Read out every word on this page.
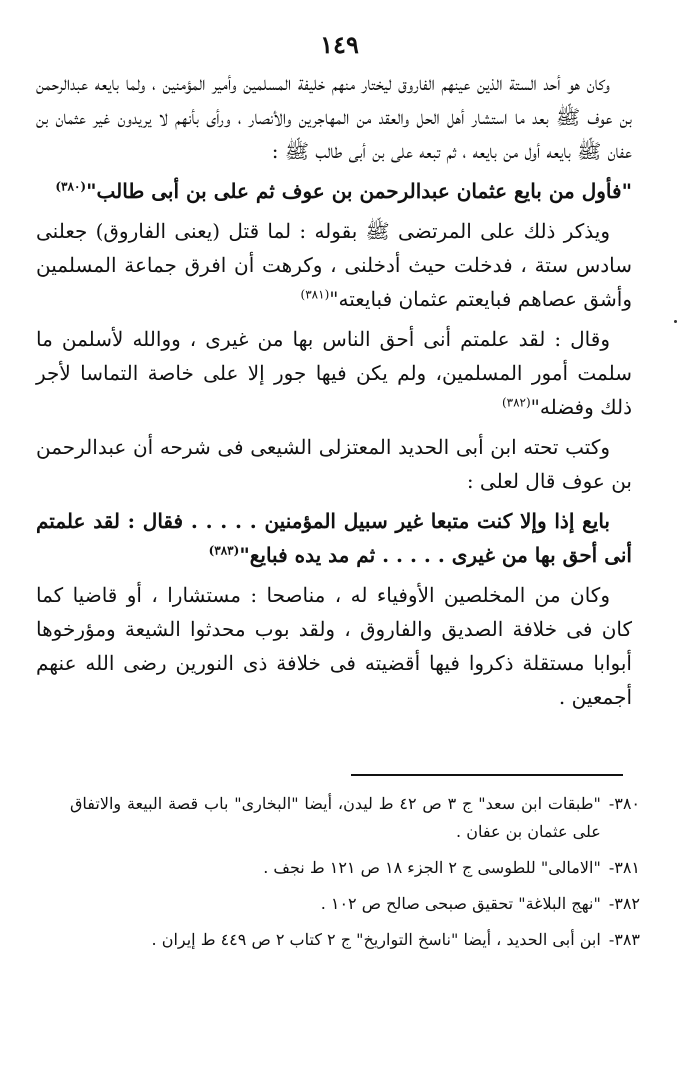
١٤٩

وكان هو أحد الستة الذين عينهم الفاروق ليختار منهم خليفة المسلمين وأمير المؤمنين ، ولما بايعه عبدالرحمن بن عوف ﷺ بعد ما استشار أهل الحل والعقد من المهاجرين والأنصار ، ورأى بأنهم لا يريدون غير عثمان بن عفان ﷺ بايعه أول من بايعه ، ثم تبعه على بن أبى طالب ﷺ :

"فأول من بايع عثمان عبدالرحمن بن عوف ثم على بن أبى طالب"$^{(٣٨٠)}$

ويذكر ذلك على المرتضى ﷺ بقوله : لما قتل (يعنى الفاروق) جعلنى سادس ستة ، فدخلت حيث أدخلنى ، وكرهت أن افرق جماعة المسلمين وأشق عصاهم فبايعتم عثمان فبايعته"$^{(٣٨١)}$

وقال : لقد علمتم أنى أحق الناس بها من غيرى ، ووالله لأسلمن ما سلمت أمور المسلمين، ولم يكن فيها جور إلا على خاصة التماسا لأجر ذلك وفضله"$^{(٣٨٢)}$

وكتب تحته ابن أبى الحديد المعتزلى الشيعى فى شرحه أن عبدالرحمن بن عوف قال لعلى :

بايع إذا وإلا كنت متبعا غير سبيل المؤمنين . . . . . فقال : لقد علمتم أنى أحق بها من غيرى . . . . . ثم مد يده فبايع"$^{(٣٨٣)}$

وكان من المخلصين الأوفياء له ، مناصحا : مستشارا ، أو قاضيا كما كان فى خلافة الصديق والفاروق ، ولقد بوب محدثوا الشيعة ومؤرخوها أبوابا مستقلة ذكروا فيها أقضيته فى خلافة ذى النورين رضى الله عنهم أجمعين .

٣٨٠-
"طبقات ابن سعد" ج ٣ ص ٤٢ ط ليدن، أيضا "البخارى" باب قصة البيعة والاتفاق على عثمان بن عفان .
٣٨١-
"الامالى" للطوسى ج ٢ الجزء ١٨ ص ١٢١ ط نجف .
٣٨٢-
"نهج البلاغة" تحقيق صبحى صالح ص ١٠٢ .
٣٨٣-
ابن أبى الحديد ، أيضا "ناسخ التواريخ" ج ٢ كتاب ٢ ص ٤٤٩ ط إيران .
